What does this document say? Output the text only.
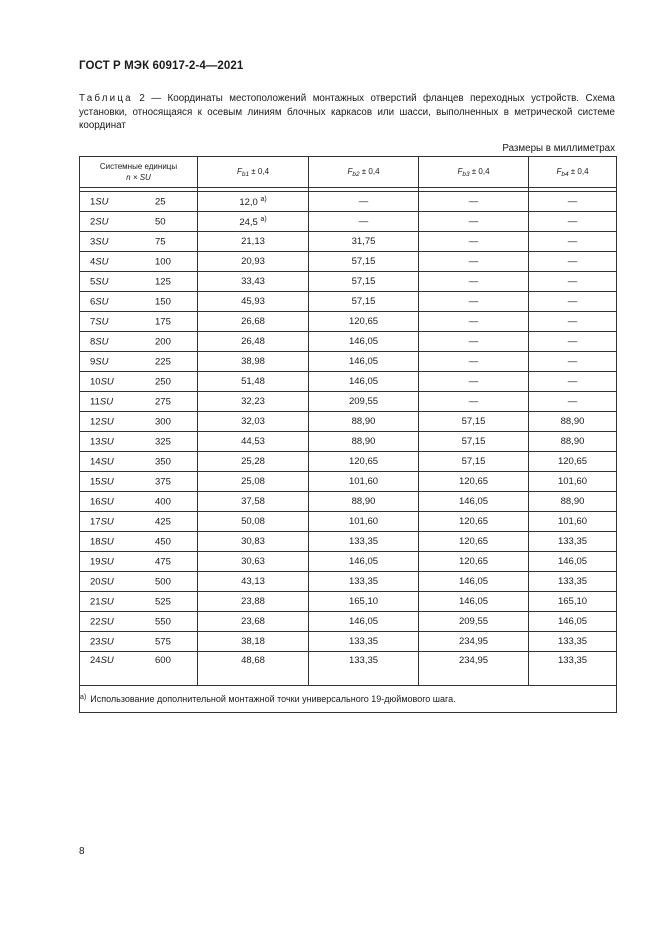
ГОСТ Р МЭК 60917-2-4—2021
Таблица 2 — Координаты местоположений монтажных отверстий фланцев переходных устройств. Схема установки, относящаяся к осевым линиям блочных каркасов или шасси, выполненных в метрической системе координат
Размеры в миллиметрах
Системные единицы
n × SU	$F_{b1} \pm 0,4$	$F_{b2} \pm 0,4$	$F_{b3} \pm 0,4$	$F_{b4} \pm 0,4$

1SU 25	12,0 $^{а)}$	—	—	—

2SU 50	24,5 $^{а)}$	—	—	—

3SU 75	21,13	31,75	—	—

4SU 100	20,93	57,15	—	—

5SU 125	33,43	57,15	—	—

6SU 150	45,93	57,15	—	—

7SU 175	26,68	120,65	—	—

8SU 200	26,48	146,05	—	—

9SU 225	38,98	146,05	—	—

10SU 250	51,48	146,05	—	—

11SU 275	32,23	209,55	—	—

12SU 300	32,03	88,90	57,15	88,90

13SU 325	44,53	88,90	57,15	88,90

14SU 350	25,28	120,65	57,15	120,65

15SU 375	25,08	101,60	120,65	101,60

16SU 400	37,58	88,90	146,05	88,90

17SU 425	50,08	101,60	120,65	101,60

18SU 450	30,83	133,35	120,65	133,35

19SU 475	30,63	146,05	120,65	146,05

20SU 500	43,13	133,35	146,05	133,35

21SU 525	23,88	165,10	146,05	165,10

22SU 550	23,68	146,05	209,55	146,05

23SU 575	38,18	133,35	234,95	133,35

24SU 600	48,68	133,35	234,95	133,35
$^{а)}$ Использование дополнительной монтажной точки универсального 19-дюймового шага.				
8
